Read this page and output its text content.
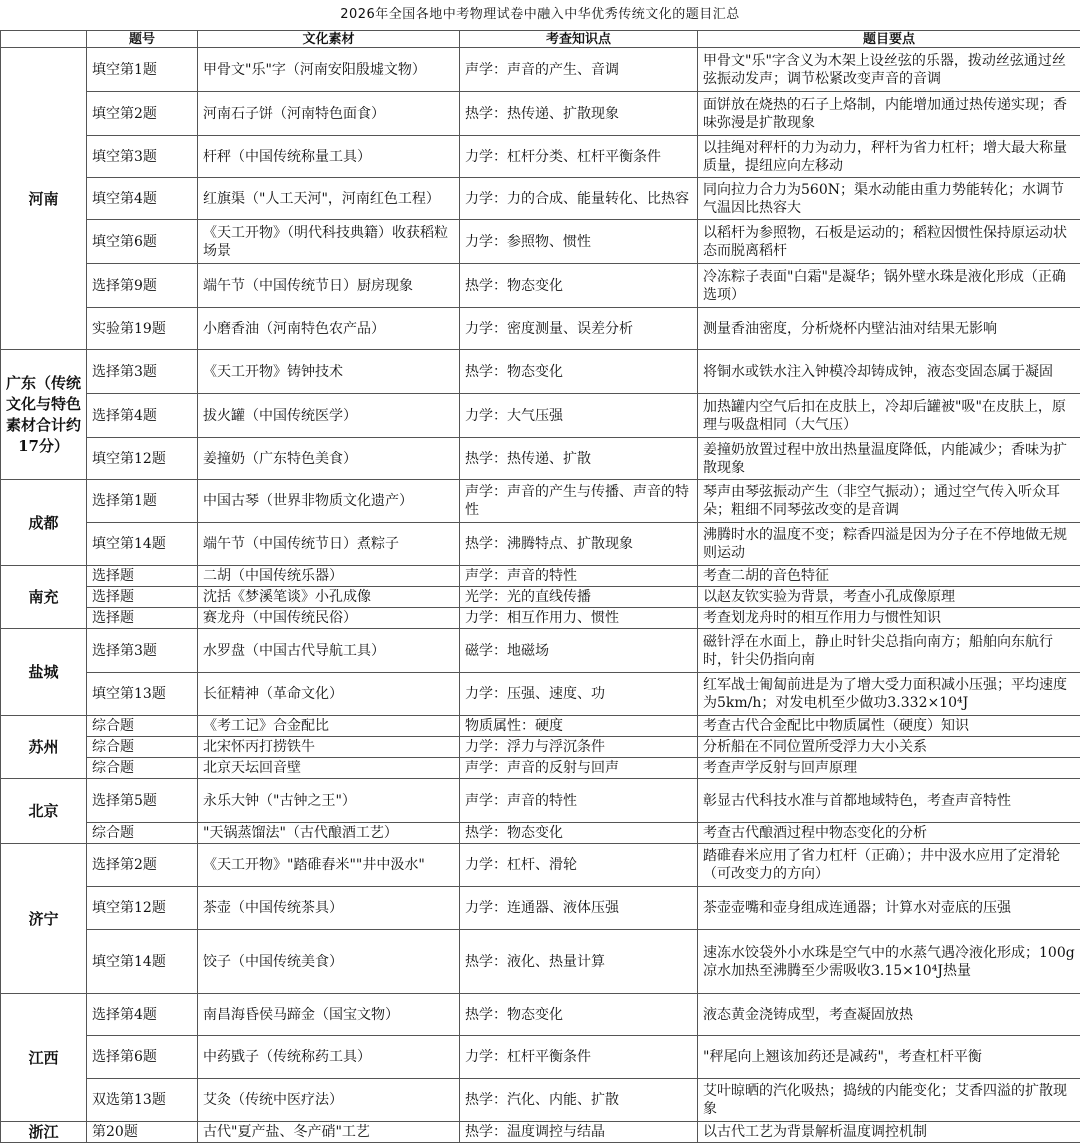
2026年全国各地中考物理试卷中融入中华优秀传统文化的题目汇总
	题号	文化素材	考查知识点	题目要点
河南	填空第1题	甲骨文"乐"字（河南安阳殷墟文物）	声学：声音的产生、音调	甲骨文"乐"字含义为木架上设丝弦的乐器，拨动丝弦通过丝弦振动发声；调节松紧改变声音的音调
	填空第2题	河南石子饼（河南特色面食）	热学：热传递、扩散现象	面饼放在烧热的石子上烙制，内能增加通过热传递实现；香味弥漫是扩散现象
	填空第3题	杆秤（中国传统称量工具）	力学：杠杆分类、杠杆平衡条件	以挂绳对秤杆的力为动力，秤杆为省力杠杆；增大最大称量质量，提纽应向左移动
	填空第4题	红旗渠（"人工天河"，河南红色工程）	力学：力的合成、能量转化、比热容	同向拉力合力为560N；渠水动能由重力势能转化；水调节气温因比热容大
	填空第6题	《天工开物》（明代科技典籍）收获稻粒场景	力学：参照物、惯性	以稻杆为参照物，石板是运动的；稻粒因惯性保持原运动状态而脱离稻杆
	选择第9题	端午节（中国传统节日）厨房现象	热学：物态变化	冷冻粽子表面"白霜"是凝华；锅外壁水珠是液化形成（正确选项）
	实验第19题	小磨香油（河南特色农产品）	力学：密度测量、误差分析	测量香油密度，分析烧杯内壁沾油对结果无影响
广东（传统文化与特色素材合计约17分）	选择第3题	《天工开物》铸钟技术	热学：物态变化	将铜水或铁水注入钟模冷却铸成钟，液态变固态属于凝固
	选择第4题	拔火罐（中国传统医学）	力学：大气压强	加热罐内空气后扣在皮肤上，冷却后罐被"吸"在皮肤上，原理与吸盘相同（大气压）
	填空第12题	姜撞奶（广东特色美食）	热学：热传递、扩散	姜撞奶放置过程中放出热量温度降低，内能减少；香味为扩散现象
成都	选择第1题	中国古琴（世界非物质文化遗产）	声学：声音的产生与传播、声音的特性	琴声由琴弦振动产生（非空气振动）；通过空气传入听众耳朵；粗细不同琴弦改变的是音调
	填空第14题	端午节（中国传统节日）煮粽子	热学：沸腾特点、扩散现象	沸腾时水的温度不变；粽香四溢是因为分子在不停地做无规则运动
南充	选择题	二胡（中国传统乐器）	声学：声音的特性	考查二胡的音色特征
	选择题	沈括《梦溪笔谈》小孔成像	光学：光的直线传播	以赵友钦实验为背景，考查小孔成像原理
	选择题	赛龙舟（中国传统民俗）	力学：相互作用力、惯性	考查划龙舟时的相互作用力与惯性知识
盐城	选择第3题	水罗盘（中国古代导航工具）	磁学：地磁场	磁针浮在水面上，静止时针尖总指向南方；船舶向东航行时，针尖仍指向南
	填空第13题	长征精神（革命文化）	力学：压强、速度、功	红军战士匍匐前进是为了增大受力面积减小压强；平均速度为5km/h；对发电机至少做功3.332×10⁴J
苏州	综合题	《考工记》合金配比	物质属性：硬度	考查古代合金配比中物质属性（硬度）知识
	综合题	北宋怀丙打捞铁牛	力学：浮力与浮沉条件	分析船在不同位置所受浮力大小关系
	综合题	北京天坛回音壁	声学：声音的反射与回声	考查声学反射与回声原理
北京	选择第5题	永乐大钟（"古钟之王"）	声学：声音的特性	彰显古代科技水准与首都地域特色，考查声音特性
	综合题	"天锅蒸馏法"（古代酿酒工艺）	热学：物态变化	考查古代酿酒过程中物态变化的分析
济宁	选择第2题	《天工开物》"踏碓舂米""井中汲水"	力学：杠杆、滑轮	踏碓舂米应用了省力杠杆（正确）；井中汲水应用了定滑轮（可改变力的方向）
	填空第12题	茶壶（中国传统茶具）	力学：连通器、液体压强	茶壶壶嘴和壶身组成连通器；计算水对壶底的压强
	填空第14题	饺子（中国传统美食）	热学：液化、热量计算	速冻水饺袋外小水珠是空气中的水蒸气遇冷液化形成；100g凉水加热至沸腾至少需吸收3.15×10⁴J热量
江西	选择第4题	南昌海昏侯马蹄金（国宝文物）	热学：物态变化	液态黄金浇铸成型，考查凝固放热
	选择第6题	中药戥子（传统称药工具）	力学：杠杆平衡条件	"秤尾向上翘该加药还是减药"，考查杠杆平衡
	双选第13题	艾灸（传统中医疗法）	热学：汽化、内能、扩散	艾叶晾晒的汽化吸热；捣绒的内能变化；艾香四溢的扩散现象
浙江	第20题	古代"夏产盐、冬产硝"工艺	热学：温度调控与结晶	以古代工艺为背景解析温度调控机制
